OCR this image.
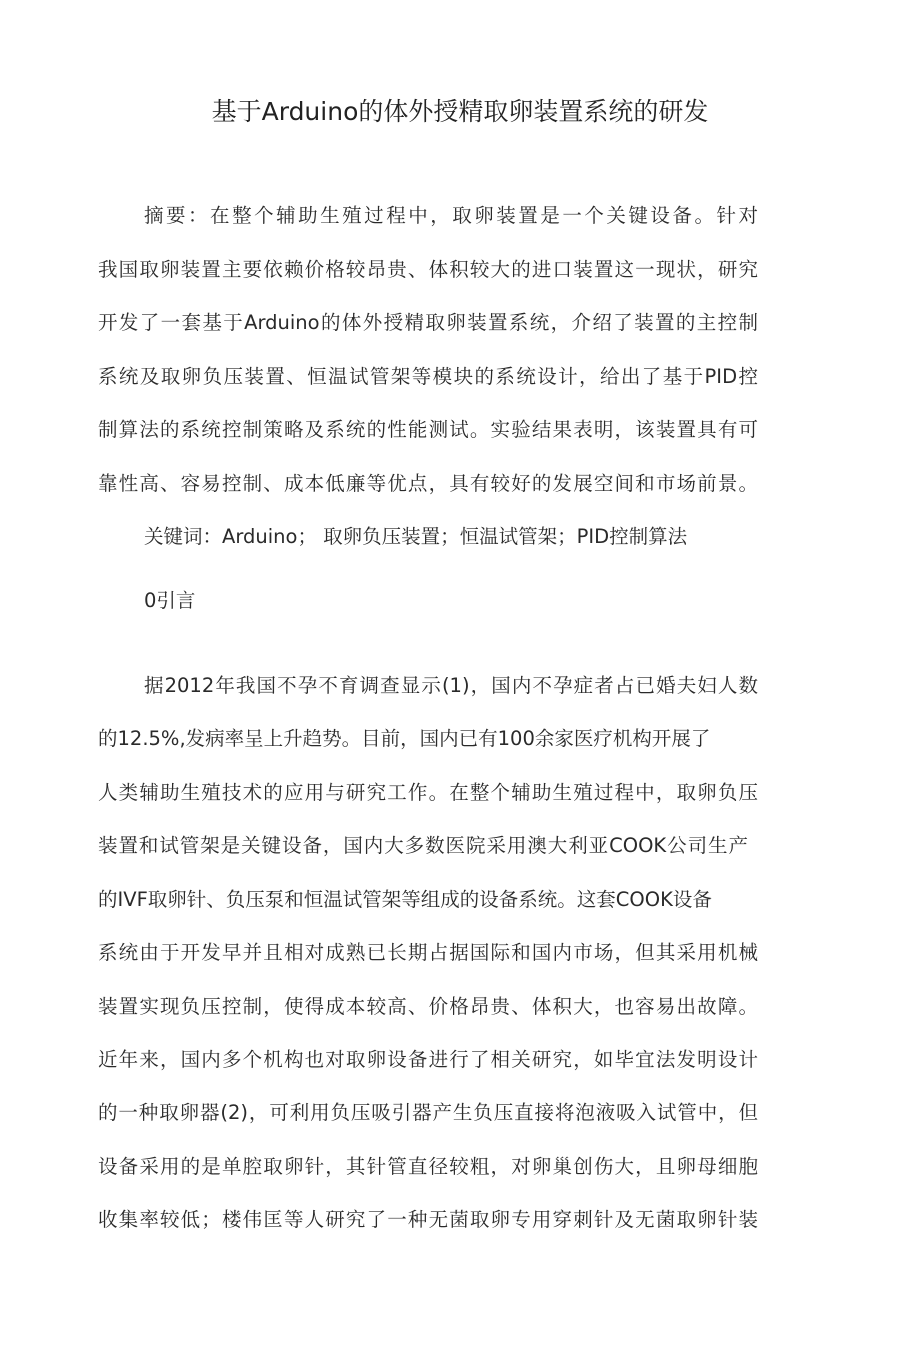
基于Arduino的体外授精取卵装置系统的研发
摘要：在整个辅助生殖过程中，取卵装置是一个关键设备。针对
我国取卵装置主要依赖价格较昂贵、体积较大的进口装置这一现状，研究
开发了一套基于Arduino的体外授精取卵装置系统，介绍了装置的主控制
系统及取卵负压装置、恒温试管架等模块的系统设计，给出了基于PID控
制算法的系统控制策略及系统的性能测试。实验结果表明，该装置具有可
靠性高、容易控制、成本低廉等优点，具有较好的发展空间和市场前景。
关键词：Arduino； 取卵负压装置；恒温试管架；PID控制算法
0引言
据2012年我国不孕不育调查显示(1)，国内不孕症者占已婚夫妇人数
的12.5%,发病率呈上升趋势。目前，国内已有100余家医疗机构开展了
人类辅助生殖技术的应用与研究工作。在整个辅助生殖过程中，取卵负压
装置和试管架是关键设备，国内大多数医院采用澳大利亚COOK公司生产
的IVF取卵针、负压泵和恒温试管架等组成的设备系统。这套COOK设备
系统由于开发早并且相对成熟已长期占据国际和国内市场，但其采用机械
装置实现负压控制，使得成本较高、价格昂贵、体积大，也容易出故障。
近年来，国内多个机构也对取卵设备进行了相关研究，如毕宜法发明设计
的一种取卵器(2)，可利用负压吸引器产生负压直接将泡液吸入试管中，但
设备采用的是单腔取卵针，其针管直径较粗，对卵巢创伤大，且卵母细胞
收集率较低；楼伟匡等人研究了一种无菌取卵专用穿刺针及无菌取卵针装
